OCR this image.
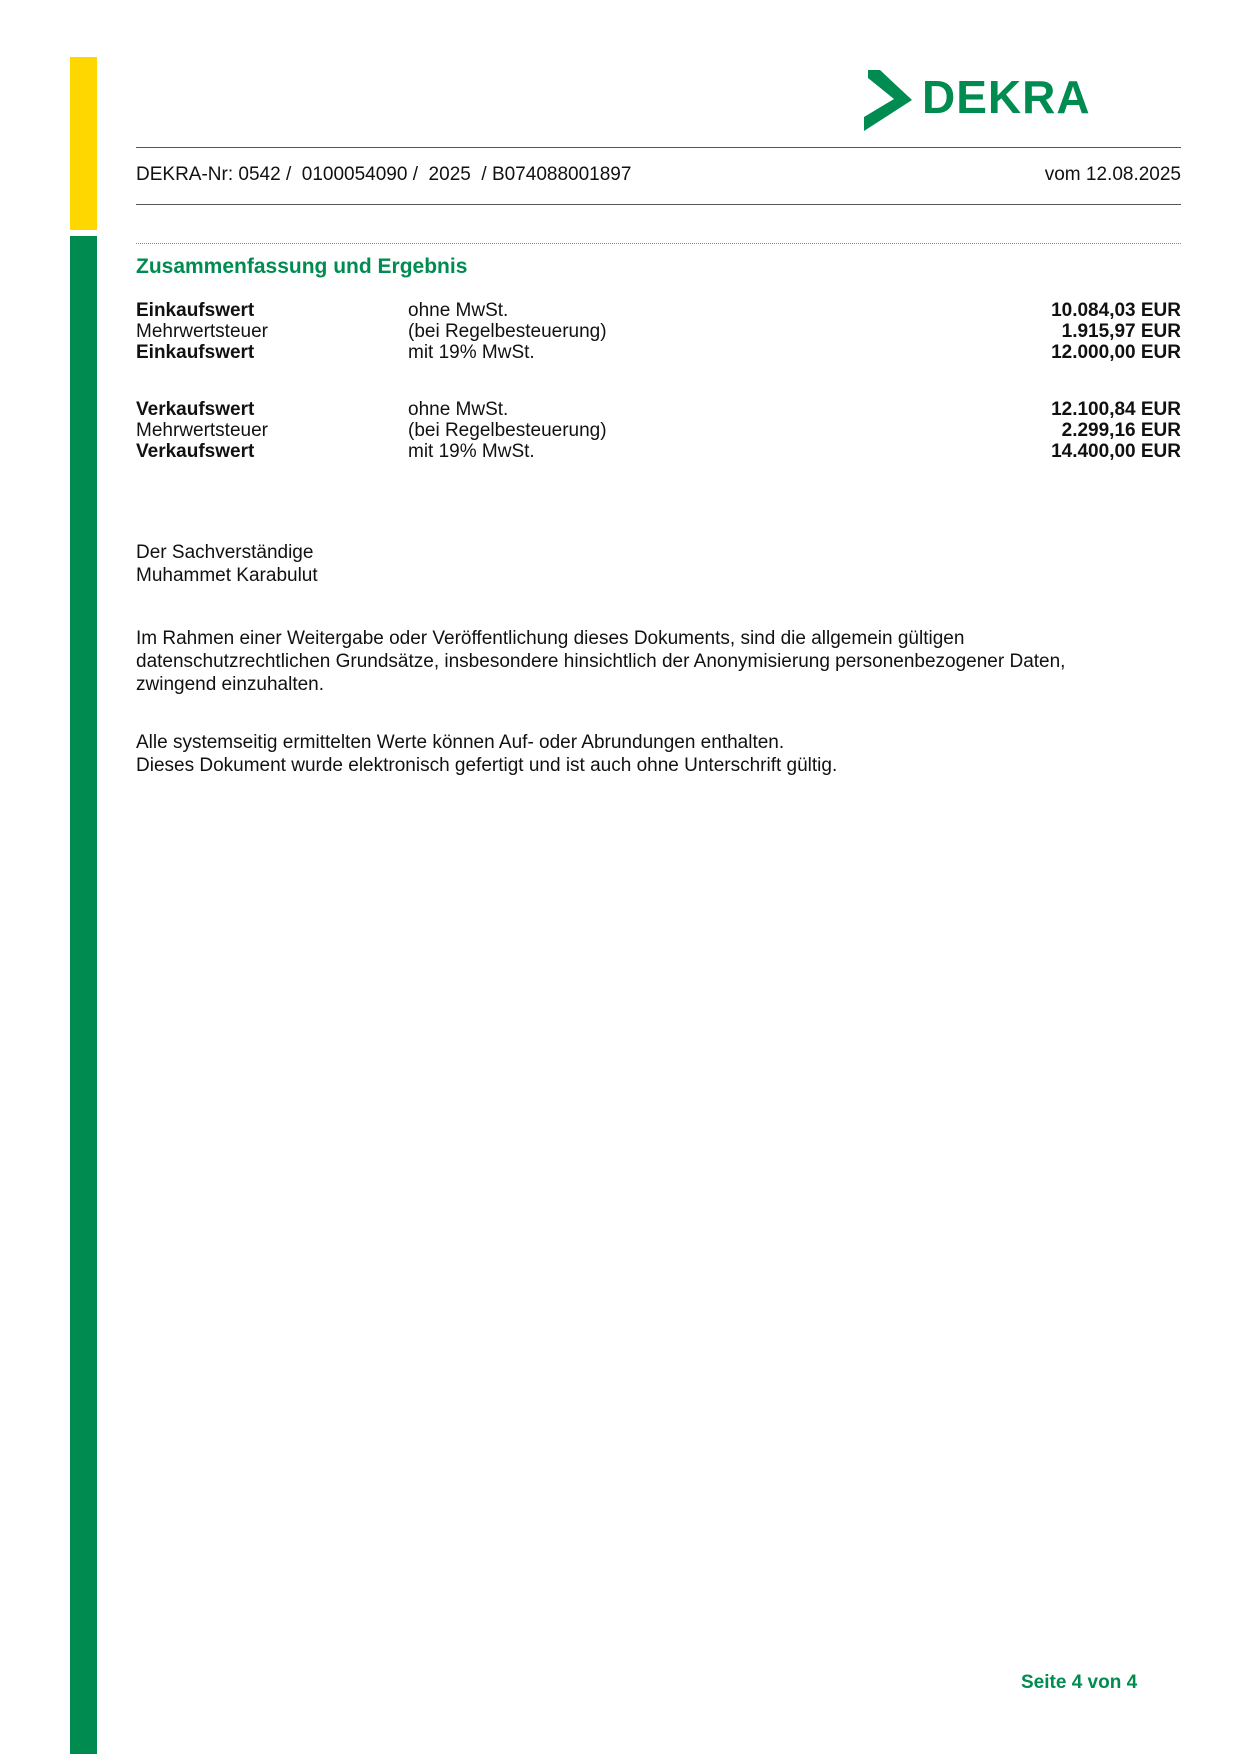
DEKRA
DEKRA-Nr: 0542 /  0100054090 /  2025  / B074088001897	vom 12.08.2025
Zusammenfassung und Ergebnis
Einkaufswert	ohne MwSt.	10.084,03 EUR
Mehrwertsteuer	(bei Regelbesteuerung)	1.915,97 EUR
Einkaufswert	mit 19% MwSt.	12.000,00 EUR
Verkaufswert	ohne MwSt.	12.100,84 EUR
Mehrwertsteuer	(bei Regelbesteuerung)	2.299,16 EUR
Verkaufswert	mit 19% MwSt.	14.400,00 EUR
Der Sachverständige
Muhammet Karabulut
Im Rahmen einer Weitergabe oder Veröffentlichung dieses Dokuments, sind die allgemein gültigen
datenschutzrechtlichen Grundsätze, insbesondere hinsichtlich der Anonymisierung personenbezogener Daten,
zwingend einzuhalten.
Alle systemseitig ermittelten Werte können Auf- oder Abrundungen enthalten.
Dieses Dokument wurde elektronisch gefertigt und ist auch ohne Unterschrift gültig.
Seite 4 von 4
